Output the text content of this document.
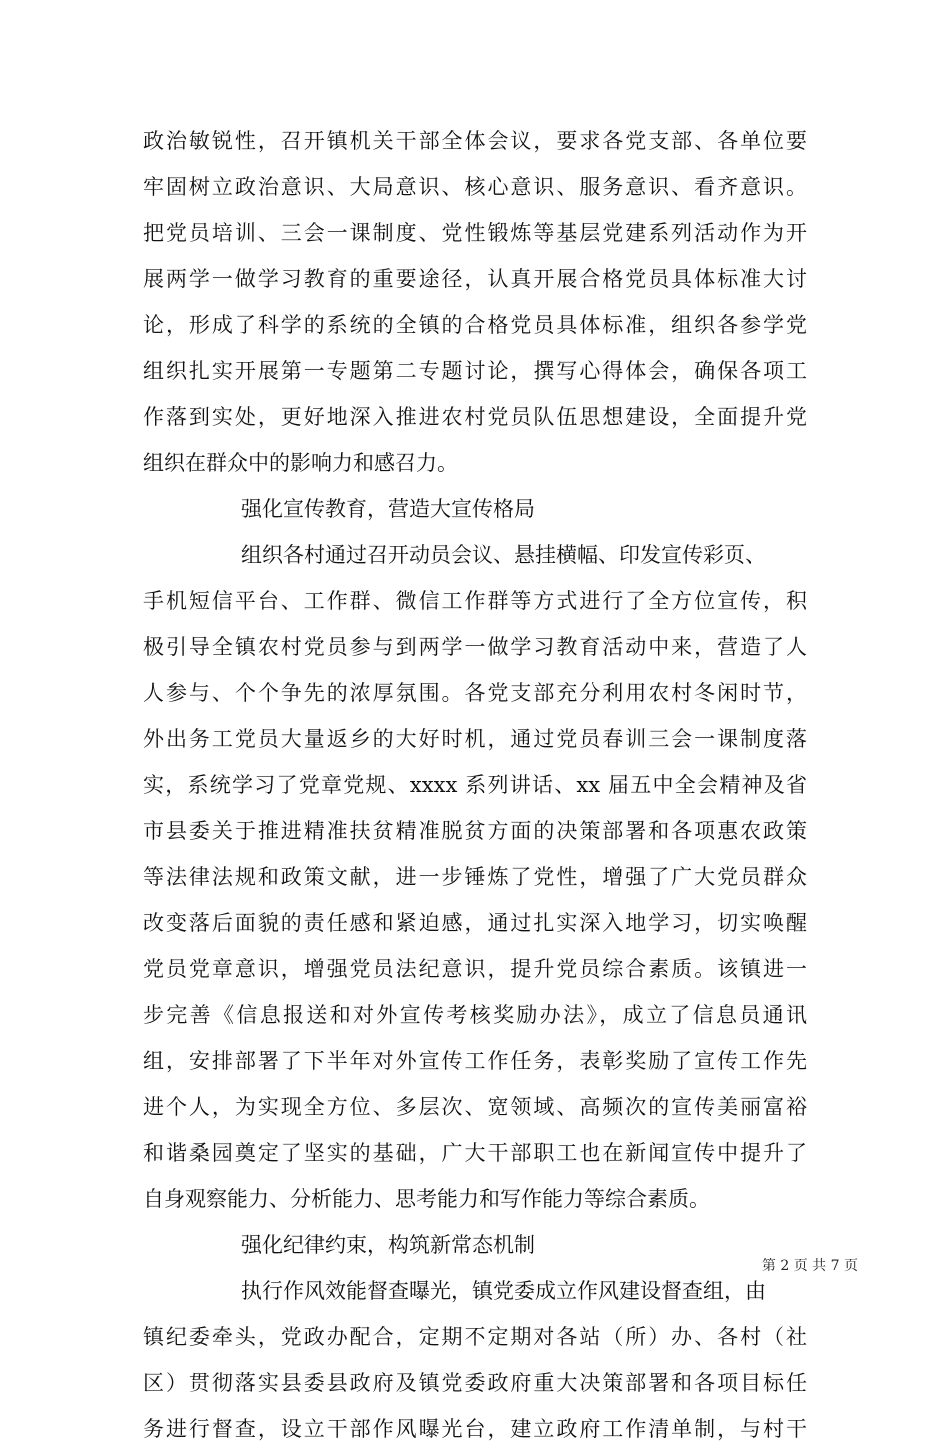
政治敏锐性，召开镇机关干部全体会议，要求各党支部、各单位要
牢固树立政治意识、大局意识、核心意识、服务意识、看齐意识。
把党员培训、三会一课制度、党性锻炼等基层党建系列活动作为开
展两学一做学习教育的重要途径，认真开展合格党员具体标准大讨
论，形成了科学的系统的全镇的合格党员具体标准，组织各参学党
组织扎实开展第一专题第二专题讨论，撰写心得体会，确保各项工
作落到实处，更好地深入推进农村党员队伍思想建设，全面提升党
组织在群众中的影响力和感召力。
强化宣传教育，营造大宣传格局
组织各村通过召开动员会议、悬挂横幅、印发宣传彩页、
手机短信平台、工作群、微信工作群等方式进行了全方位宣传，积
极引导全镇农村党员参与到两学一做学习教育活动中来，营造了人
人参与、个个争先的浓厚氛围。各党支部充分利用农村冬闲时节，
外出务工党员大量返乡的大好时机，通过党员春训三会一课制度落
实，系统学习了党章党规、xxxx 系列讲话、xx 届五中全会精神及省
市县委关于推进精准扶贫精准脱贫方面的决策部署和各项惠农政策
等法律法规和政策文献，进一步锤炼了党性，增强了广大党员群众
改变落后面貌的责任感和紧迫感，通过扎实深入地学习，切实唤醒
党员党章意识，增强党员法纪意识，提升党员综合素质。该镇进一
步完善《信息报送和对外宣传考核奖励办法》，成立了信息员通讯
组，安排部署了下半年对外宣传工作任务，表彰奖励了宣传工作先
进个人，为实现全方位、多层次、宽领域、高频次的宣传美丽富裕
和谐桑园奠定了坚实的基础，广大干部职工也在新闻宣传中提升了
自身观察能力、分析能力、思考能力和写作能力等综合素质。
强化纪律约束，构筑新常态机制
执行作风效能督查曝光，镇党委成立作风建设督查组，由
镇纪委牵头，党政办配合，定期不定期对各站（所）办、各村（社
区）贯彻落实县委县政府及镇党委政府重大决策部署和各项目标任
务进行督查，设立干部作风曝光台，建立政府工作清单制，与村干
第 2 页 共 7 页
